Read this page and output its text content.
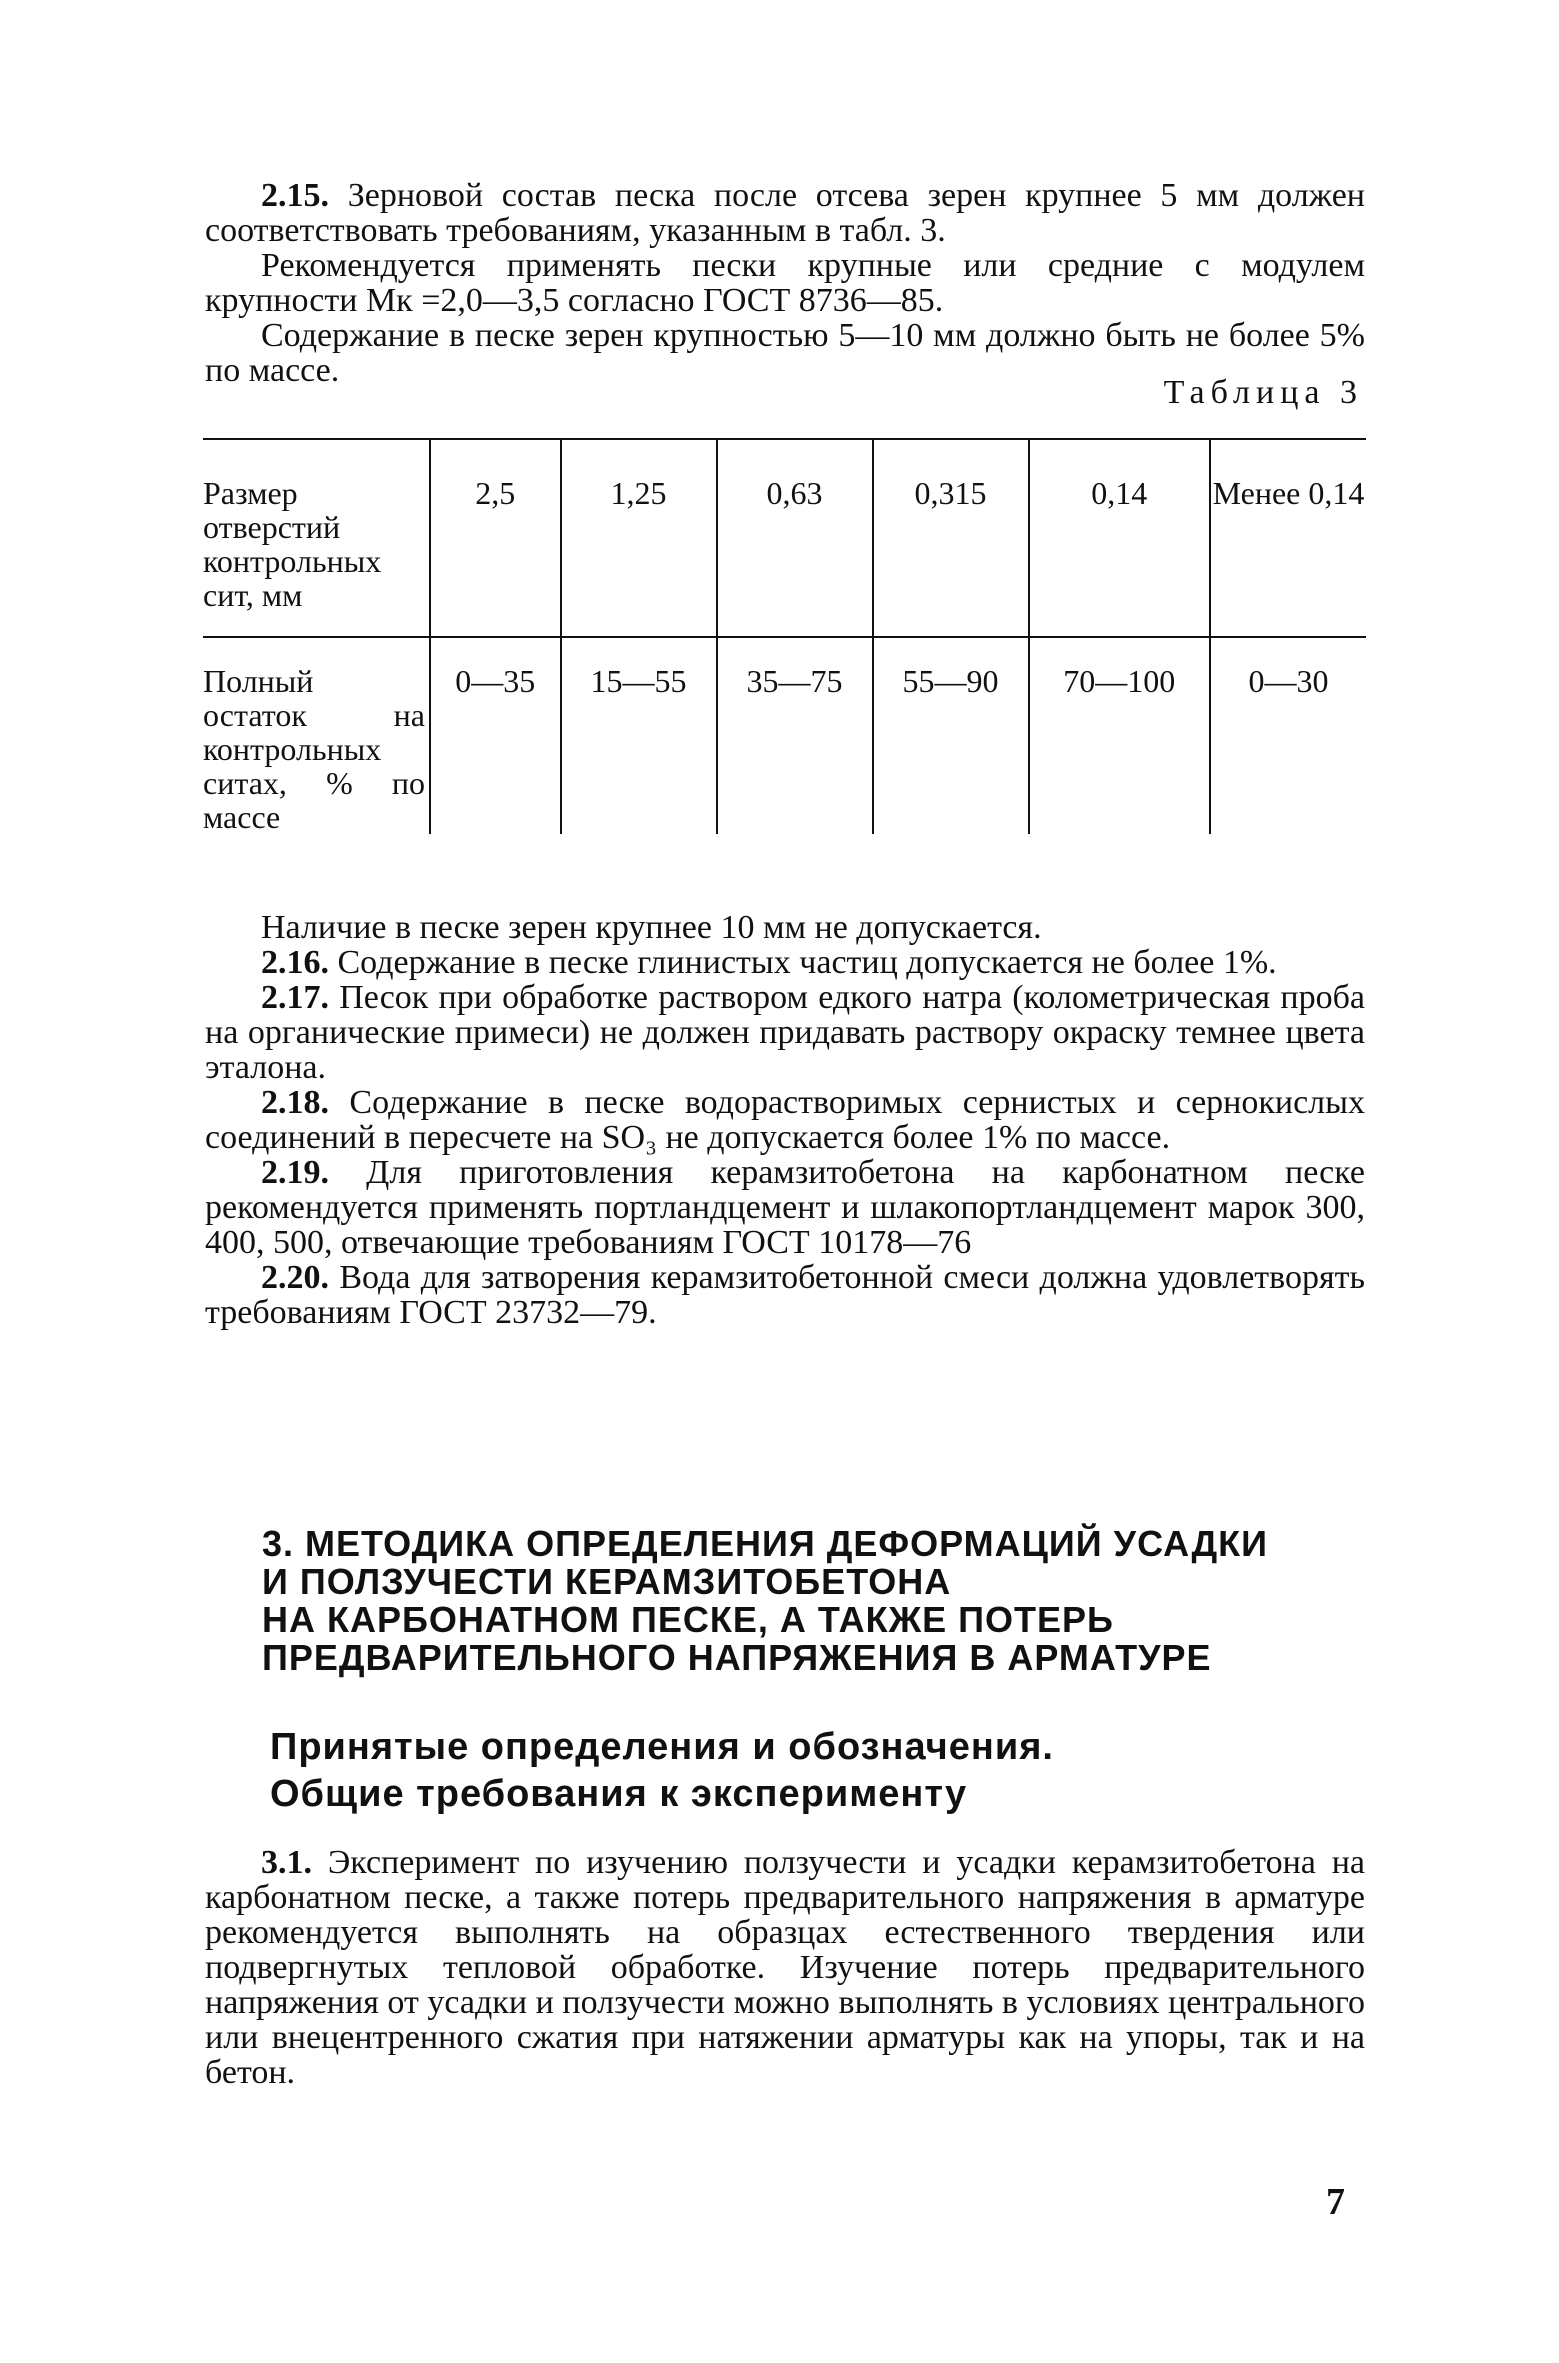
2.15. Зерновой состав песка после отсева зерен крупнее 5 мм должен соответствовать требованиям, указанным в табл. 3.

Рекомендуется применять пески крупные или средние с модулем крупности Мк =2,0—3,5 согласно ГОСТ 8736—85.

Содержание в песке зерен крупностью 5—10 мм должно быть не более 5% по массе.

Таблица 3
Размер отверстий контрольных сит, мм	2,5	1,25	0,63	0,315	0,14	Менее 0,14

Полный остаток на контрольных ситах, % по массе	0—35	15—55	35—75	55—90	70—100	0—30

Наличие в песке зерен крупнее 10 мм не допускается.

2.16. Содержание в песке глинистых частиц допускается не более 1%.

2.17. Песок при обработке раствором едкого натра (колометрическая проба на органические примеси) не должен придавать раствору окраску темнее цвета эталона.

2.18. Содержание в песке водорастворимых сернистых и сернокислых соединений в пересчете на SO₃ не допускается более 1% по массе.

2.19. Для приготовления керамзитобетона на карбонатном песке рекомендуется применять портландцемент и шлакопортландцемент марок 300, 400, 500, отвечающие требованиям ГОСТ 10178—76

2.20. Вода для затворения керамзитобетонной смеси должна удовлетворять требованиям ГОСТ 23732—79.

3. МЕТОДИКА ОПРЕДЕЛЕНИЯ ДЕФОРМАЦИЙ УСАДКИ
И ПОЛЗУЧЕСТИ КЕРАМЗИТОБЕТОНА
НА КАРБОНАТНОМ ПЕСКЕ, А ТАКЖЕ ПОТЕРЬ
ПРЕДВАРИТЕЛЬНОГО НАПРЯЖЕНИЯ В АРМАТУРЕ
Принятые определения и обозначения.
Общие требования к эксперименту

3.1. Эксперимент по изучению ползучести и усадки керамзитобетона на карбонатном песке, а также потерь предварительного напряжения в арматуре рекомендуется выполнять на образцах естественного твердения или подвергнутых тепловой обработке. Изучение потерь предварительного напряжения от усадки и ползучести можно выполнять в условиях центрального или внецентренного сжатия при натяжении арматуры как на упоры, так и на бетон.

7
